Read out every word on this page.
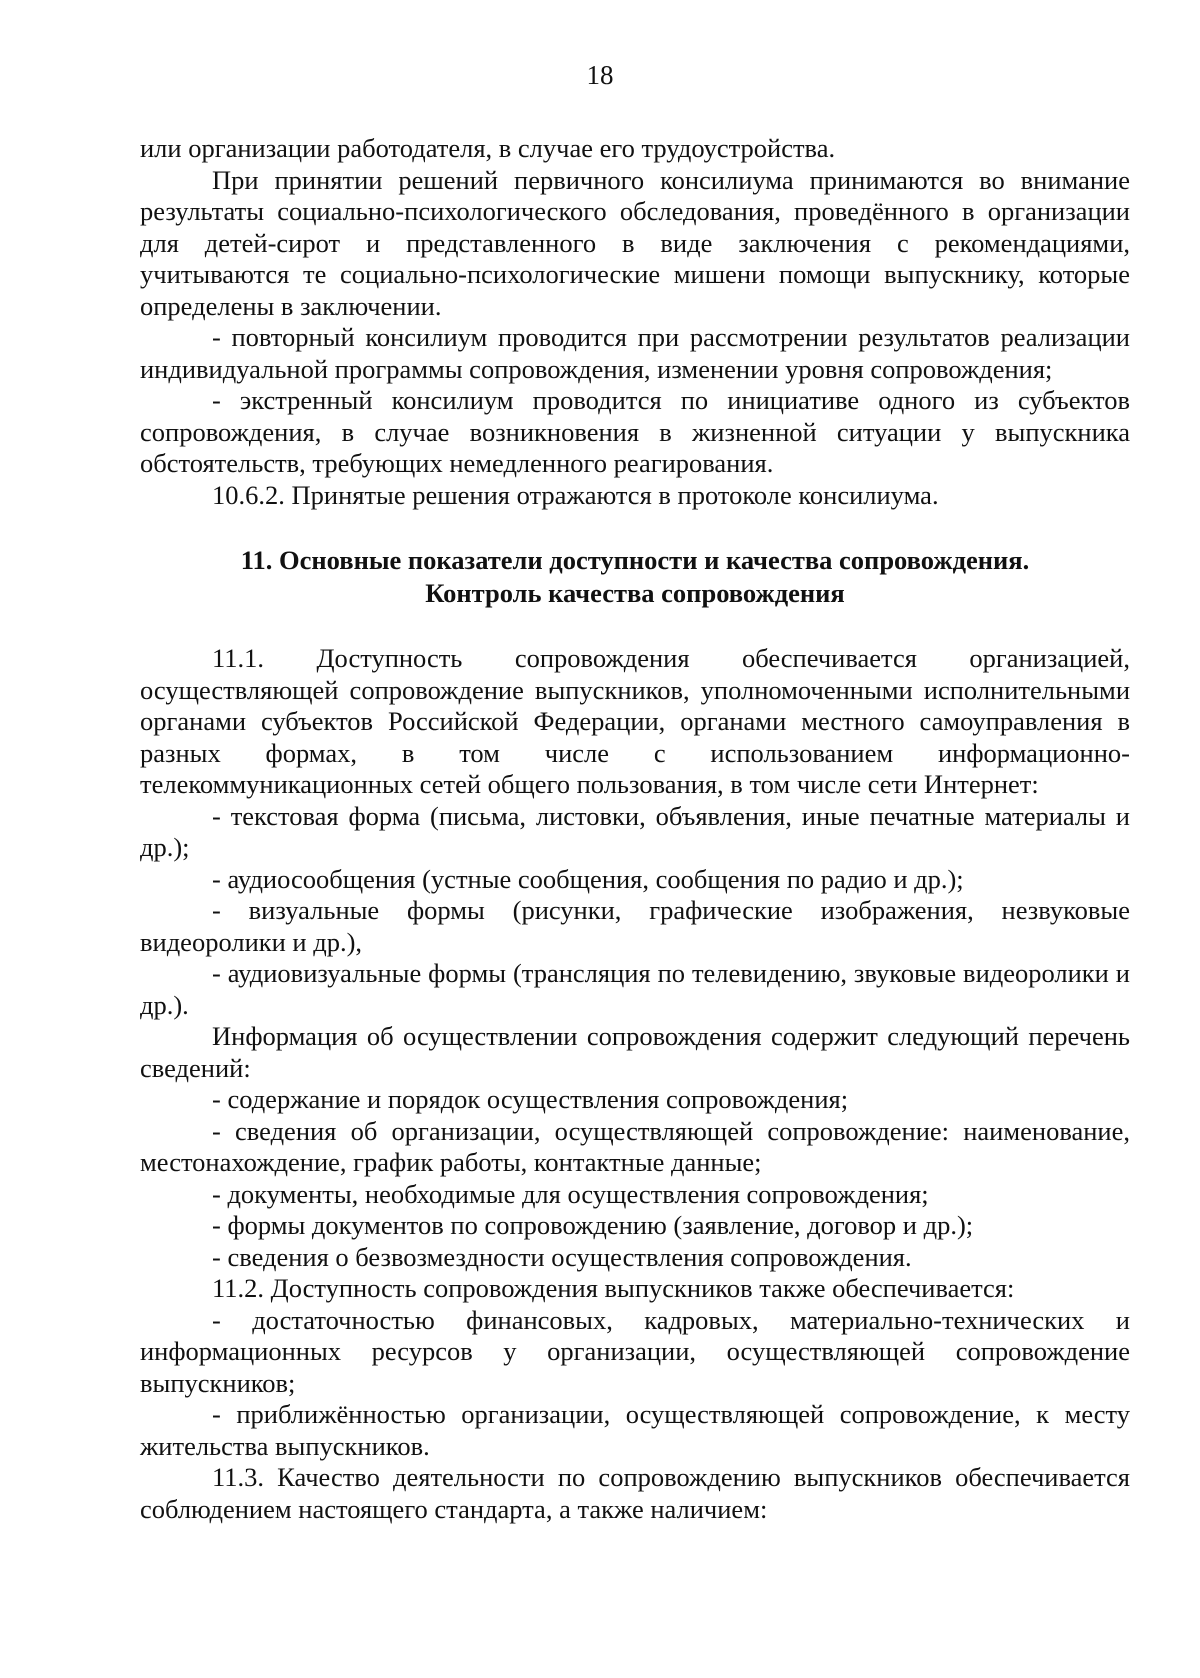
18

или организации работодателя, в случае его трудоустройства.

При принятии решений первичного консилиума принимаются во внимание результаты социально-психологического обследования, проведённого в организации для детей-сирот и представленного в виде заключения с рекомендациями, учитываются те социально-психологические мишени помощи выпускнику, которые определены в заключении.

- повторный консилиум проводится при рассмотрении результатов реализации индивидуальной программы сопровождения, изменении уровня сопровождения;

- экстренный консилиум проводится по инициативе одного из субъектов сопровождения, в случае возникновения в жизненной ситуации у выпускника обстоятельств, требующих немедленного реагирования.

10.6.2. Принятые решения отражаются в протоколе консилиума.

11. Основные показатели доступности и качества сопровождения.
Контроль качества сопровождения

11.1. Доступность сопровождения обеспечивается организацией, осуществляющей сопровождение выпускников, уполномоченными исполнительными органами субъектов Российской Федерации, органами местного самоуправления в разных формах, в том числе с использованием информационно-телекоммуникационных сетей общего пользования, в том числе сети Интернет:

- текстовая форма (письма, листовки, объявления, иные печатные материалы и др.);

- аудиосообщения (устные сообщения, сообщения по радио и др.);

- визуальные формы (рисунки, графические изображения, незвуковые видеоролики и др.),

- аудиовизуальные формы (трансляция по телевидению, звуковые видеоролики и др.).

Информация об осуществлении сопровождения содержит следующий перечень сведений:

- содержание и порядок осуществления сопровождения;

- сведения об организации, осуществляющей сопровождение: наименование, местонахождение, график работы, контактные данные;

- документы, необходимые для осуществления сопровождения;

- формы документов по сопровождению (заявление, договор и др.);

- сведения о безвозмездности осуществления сопровождения.

11.2. Доступность сопровождения выпускников также обеспечивается:

- достаточностью финансовых, кадровых, материально-технических и информационных ресурсов у организации, осуществляющей сопровождение выпускников;

- приближённостью организации, осуществляющей сопровождение, к месту жительства выпускников.

11.3. Качество деятельности по сопровождению выпускников обеспечивается соблюдением настоящего стандарта, а также наличием:
